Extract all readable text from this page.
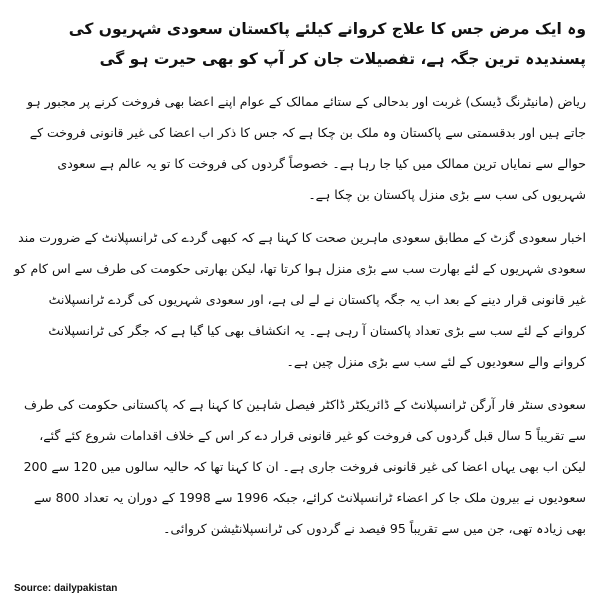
وہ ایک مرض جس کا علاج کروانے کیلئے پاکستان سعودی شہریوں کی پسندیدہ ترین جگہ ہے، تفصیلات جان کر آپ کو بھی حیرت ہو گی

ریاض (مانیٹرنگ ڈیسک) غربت اور بدحالی کے ستائے ممالک کے عوام اپنے اعضا بھی فروخت کرنے پر مجبور ہو جاتے ہیں اور بدقسمتی سے پاکستان وہ ملک بن چکا ہے کہ جس کا ذکر اب اعضا کی غیر قانونی فروخت کے حوالے سے نمایاں ترین ممالک میں کیا جا رہا ہے۔ خصوصاً گردوں کی فروخت کا تو یہ عالم ہے سعودی شہریوں کی سب سے بڑی منزل پاکستان بن چکا ہے۔

اخبار سعودی گزٹ کے مطابق سعودی ماہرین صحت کا کہنا ہے کہ کبھی گردے کی ٹرانسپلانٹ کے ضرورت مند سعودی شہریوں کے لئے بھارت سب سے بڑی منزل ہوا کرتا تھا، لیکن بھارتی حکومت کی طرف سے اس کام کو غیر قانونی قرار دینے کے بعد اب یہ جگہ پاکستان نے لے لی ہے، اور سعودی شہریوں کی گردے ٹرانسپلانٹ کروانے کے لئے سب سے بڑی تعداد پاکستان آ رہی ہے۔ یہ انکشاف بھی کیا گیا ہے کہ جگر کی ٹرانسپلانٹ کروانے والے سعودیوں کے لئے سب سے بڑی منزل چین ہے۔

سعودی سنٹر فار آرگن ٹرانسپلانٹ کے ڈائریکٹر ڈاکٹر فیصل شاہین کا کہنا ہے کہ پاکستانی حکومت کی طرف سے تقریباً 5 سال قبل گردوں کی فروخت کو غیر قانونی قرار دے کر اس کے خلاف اقدامات شروع کئے گئے، لیکن اب بھی یہاں اعضا کی غیر قانونی فروخت جاری ہے۔ ان کا کہنا تھا کہ حالیہ سالوں میں 120 سے 200 سعودیوں نے بیرون ملک جا کر اعضاء ٹرانسپلانٹ کرائے، جبکہ 1996 سے 1998 کے دوران یہ تعداد 800 سے بھی زیادہ تھی، جن میں سے تقریباً 95 فیصد نے گردوں کی ٹرانسپلانٹیشن کروائی۔

Source: dailypakistan
